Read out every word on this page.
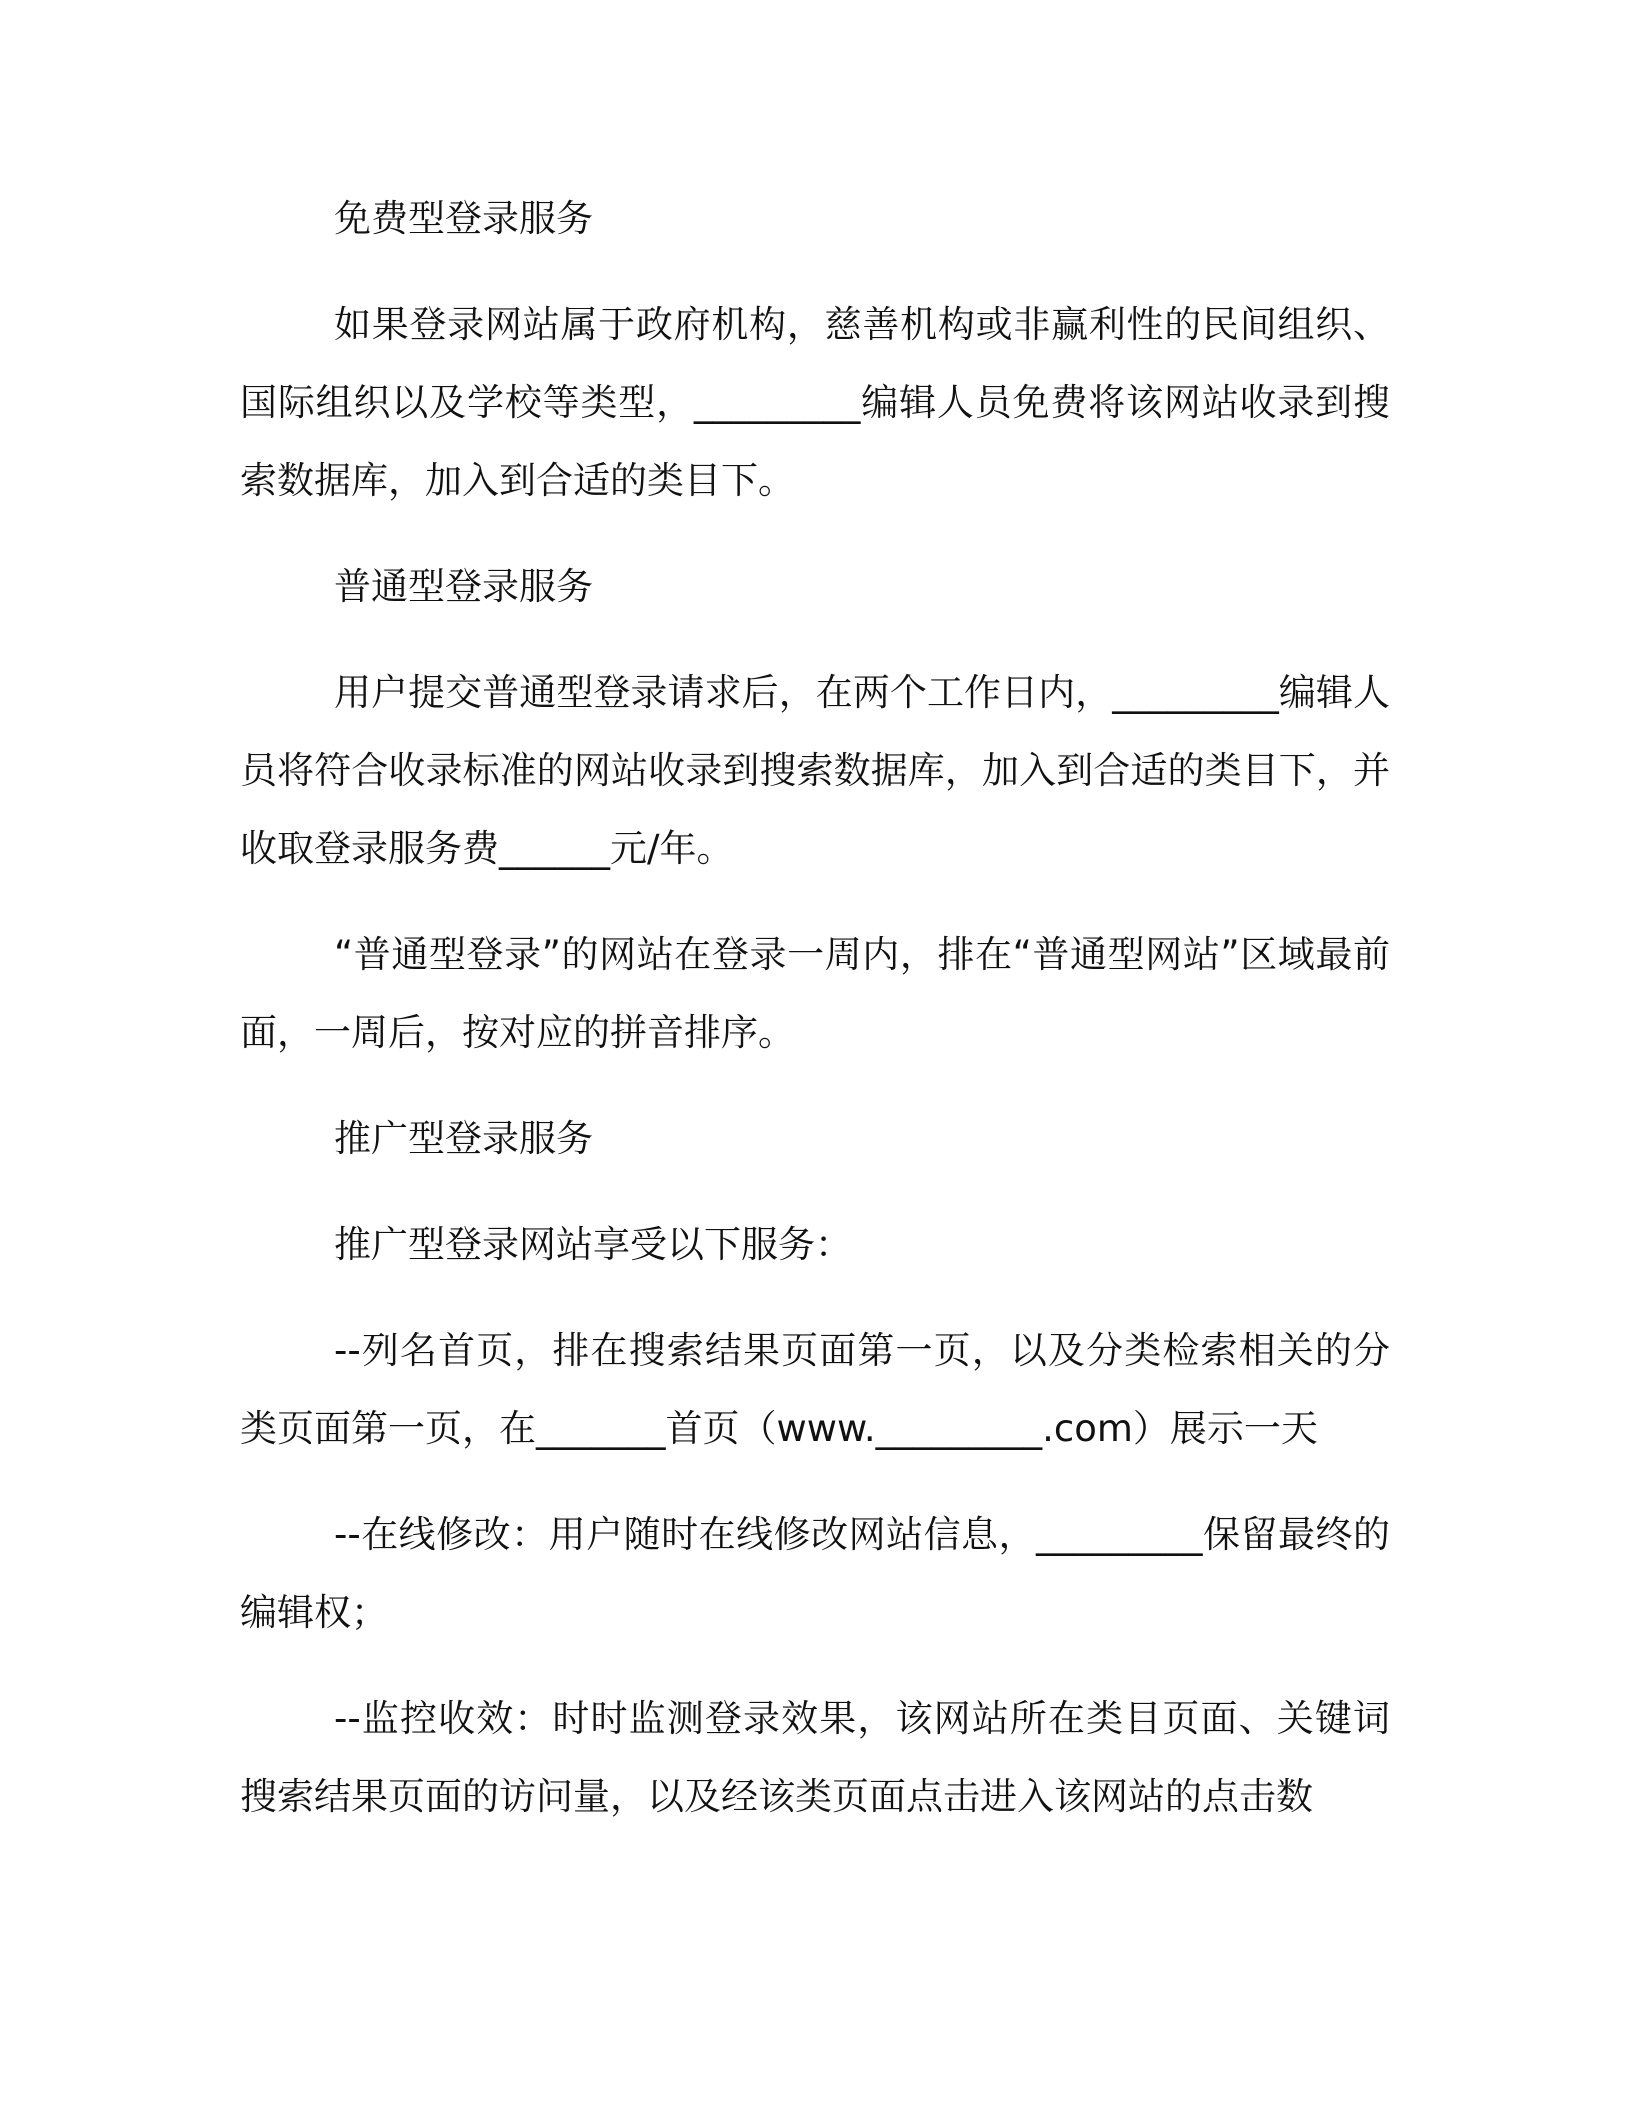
免费型登录服务

如果登录网站属于政府机构，慈善机构或非赢利性的民间组织、国际组织以及学校等类型，_________编辑人员免费将该网站收录到搜索数据库，加入到合适的类目下。

普通型登录服务

用户提交普通型登录请求后，在两个工作日内，_________编辑人员将符合收录标准的网站收录到搜索数据库，加入到合适的类目下，并收取登录服务费______元/年。

“普通型登录”的网站在登录一周内，排在“普通型网站”区域最前面，一周后，按对应的拼音排序。

推广型登录服务

推广型登录网站享受以下服务：

--列名首页，排在搜索结果页面第一页，以及分类检索相关的分类页面第一页，在_______首页（www._________.com）展示一天

--在线修改：用户随时在线修改网站信息，_________保留最终的编辑权；

--监控收效：时时监测登录效果，该网站所在类目页面、关键词搜索结果页面的访问量，以及经该类页面点击进入该网站的点击数
